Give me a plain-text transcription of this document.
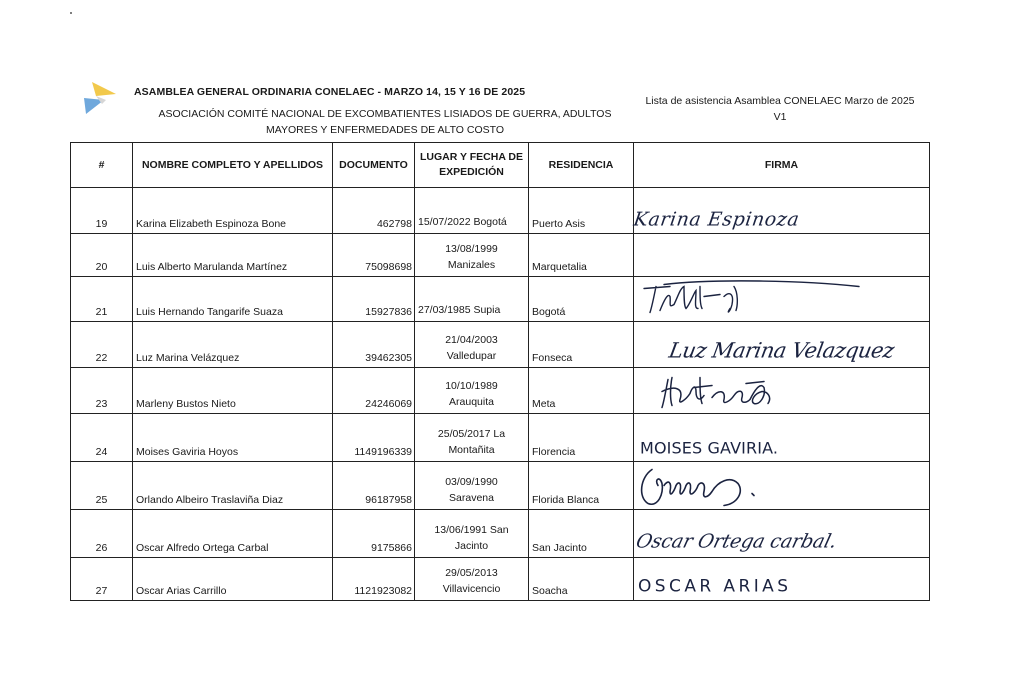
ASAMBLEA GENERAL ORDINARIA CONELAEC - MARZO 14, 15 Y 16 DE 2025
ASOCIACIÓN COMITÉ NACIONAL DE EXCOMBATIENTES LISIADOS DE GUERRA, ADULTOS
MAYORES Y ENFERMEDADES DE ALTO COSTO
Lista de asistencia Asamblea CONELAEC Marzo de 2025
V1
#	NOMBRE COMPLETO Y APELLIDOS	DOCUMENTO	LUGAR Y FECHA DE
EXPEDICIÓN	RESIDENCIA	FIRMA
19	Karina Elizabeth Espinoza Bone	462798	15/07/2022 Bogotá	Puerto Asis	Karina Espinoza

20	Luis Alberto Marulanda Martínez	75098698	13/08/1999
Manizales	Marquetalia	
21	Luis Hernando Tangarife Suaza	15927836	27/03/1985 Supia	Bogotá	

22	Luz Marina Velázquez	39462305	21/04/2003
Valledupar	Fonseca	Luz Marina Velazquez

23	Marleny Bustos Nieto	24246069	10/10/1989
Arauquita	Meta	

24	Moises Gaviria Hoyos	1149196339	25/05/2017 La
Montañita	Florencia	MOISES GAVIRIA.

25	Orlando Albeiro Traslaviña Diaz	96187958	03/09/1990
Saravena	Florida Blanca	

26	Oscar Alfredo Ortega Carbal	9175866	13/06/1991 San
Jacinto	San Jacinto	Oscar Ortega carbal.

27	Oscar Arias Carrillo	1121923082	29/05/2013
Villavicencio	Soacha	OSCAR ARIAS
